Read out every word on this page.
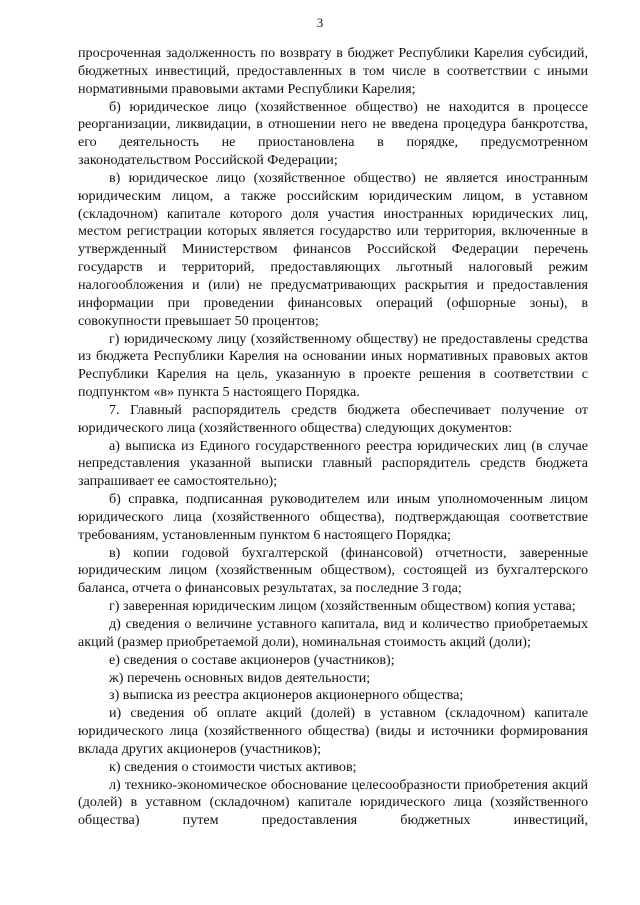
3

просроченная задолженность по возврату в бюджет Республики Карелия субсидий, бюджетных инвестиций, предоставленных в том числе в соответствии с иными нормативными правовыми актами Республики Карелия;

б) юридическое лицо (хозяйственное общество) не находится в процессе реорганизации, ликвидации, в отношении него не введена процедура банкротства, его деятельность не приостановлена в порядке, предусмотренном законодательством Российской Федерации;

в) юридическое лицо (хозяйственное общество) не является иностранным юридическим лицом, а также российским юридическим лицом, в уставном (складочном) капитале которого доля участия иностранных юридических лиц, местом регистрации которых является государство или территория, включенные в утвержденный Министерством финансов Российской Федерации перечень государств и территорий, предоставляющих льготный налоговый режим налогообложения и (или) не предусматривающих раскрытия и предоставления информации при проведении финансовых операций (офшорные зоны), в совокупности превышает 50 процентов;

г) юридическому лицу (хозяйственному обществу) не предоставлены средства из бюджета Республики Карелия на основании иных нормативных правовых актов Республики Карелия на цель, указанную в проекте решения в соответствии с подпунктом «в» пункта 5 настоящего Порядка.

7. Главный распорядитель средств бюджета обеспечивает получение от юридического лица (хозяйственного общества) следующих документов:

а) выписка из Единого государственного реестра юридических лиц (в случае непредставления указанной выписки главный распорядитель средств бюджета запрашивает ее самостоятельно);

б) справка, подписанная руководителем или иным уполномоченным лицом юридического лица (хозяйственного общества), подтверждающая соответствие требованиям, установленным пунктом 6 настоящего Порядка;

в) копии годовой бухгалтерской (финансовой) отчетности, заверенные юридическим лицом (хозяйственным обществом), состоящей из бухгалтерского баланса, отчета о финансовых результатах, за последние 3 года;

г) заверенная юридическим лицом (хозяйственным обществом) копия устава;

д) сведения о величине уставного капитала, вид и количество приобретаемых акций (размер приобретаемой доли), номинальная стоимость акций (доли);

е) сведения о составе акционеров (участников);

ж) перечень основных видов деятельности;

з) выписка из реестра акционеров акционерного общества;

и) сведения об оплате акций (долей) в уставном (складочном) капитале юридического лица (хозяйственного общества) (виды и источники формирования вклада других акционеров (участников);

к) сведения о стоимости чистых активов;

л) технико-экономическое обоснование целесообразности приобретения акций (долей) в уставном (складочном) капитале юридического лица (хозяйственного общества) путем предоставления бюджетных инвестиций,
